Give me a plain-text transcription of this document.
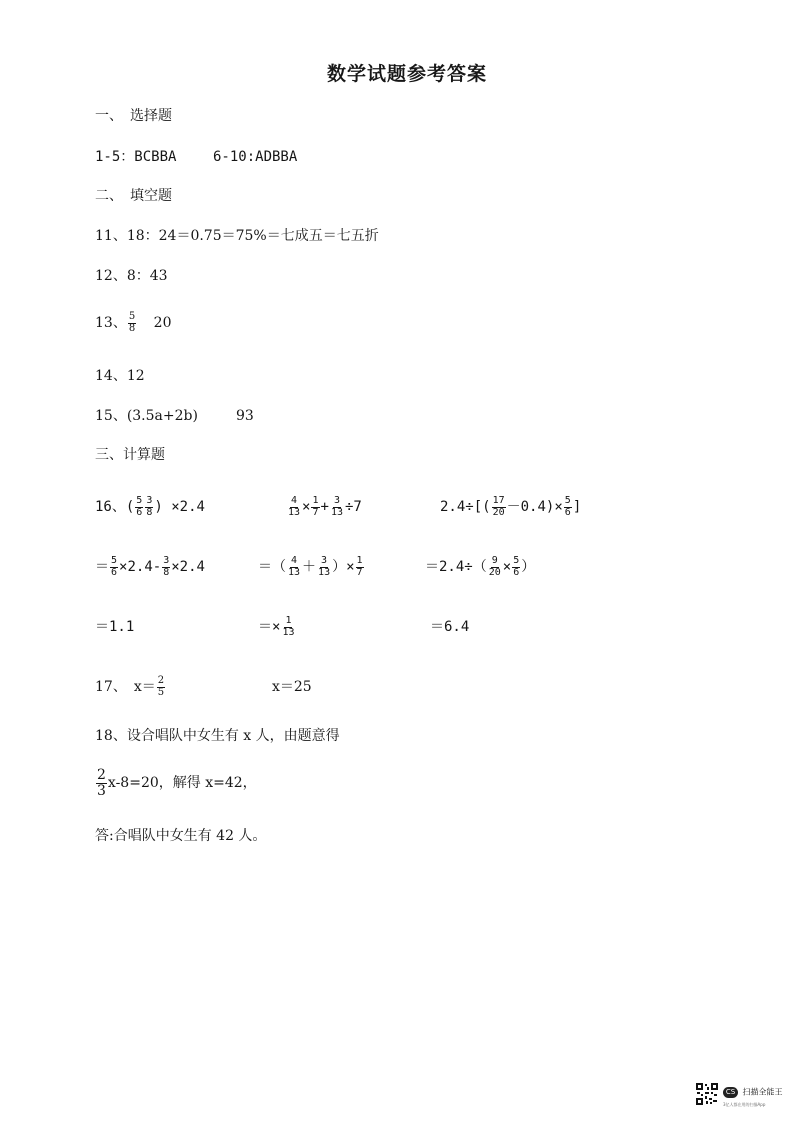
数学试题参考答案
一、　选择题
1-5：BCBBA	6-10:ADBBA
二、　填空题
11、18：24＝0.75＝75%＝七成五＝七五折
12、8：43
13、 $\frac{5}{8} 20$
14、12
15、(3.5a+2b)	93
三、计算题
16、( $\frac{5}{6} \frac{3}{8}$ ) ×2.4	$\frac{4}{13} \times \frac{1}{7} + \frac{3}{13} \div 7$	$2.4\div[( \frac{17}{20} -0.4)\times \frac{5}{6}$ ]
＝ $\frac{5}{6} \times 2.4- \frac{3}{8} \times 2.4$	＝（ $\frac{4}{13} + \frac{3}{13}$ ）× $\frac{1}{7}$	$=2.4\div( \frac{9}{20} \times \frac{5}{6}$ ）
＝1.1	＝× $\frac{1}{13}$	＝6.4
17、　$x= \frac{2}{5}$	x＝25
18、设合唱队中女生有 x 人，由题意得
$\frac{2}{3} x-8=20$，解得 x=42，
答:合唱队中女生有 42 人。
CS 扫描全能王
3亿人都在用的扫描App
